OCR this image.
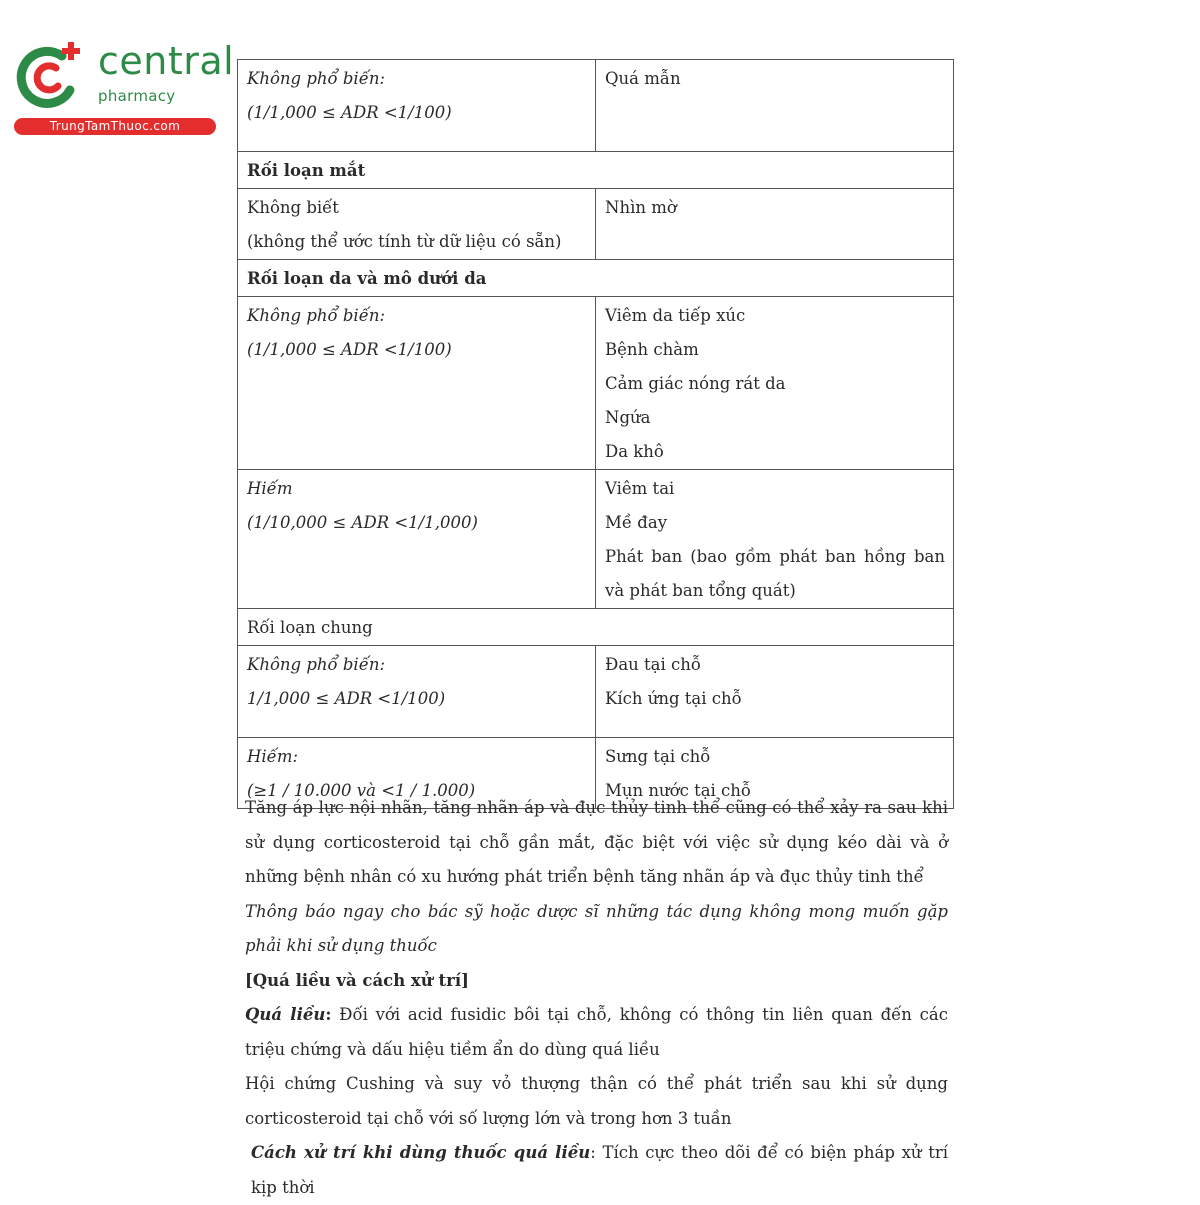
central
pharmacy
TrungTamThuoc.com
Không phổ biến:
(1/1,000 ≤ ADR <1/100)	Quá mẫn

Rối loạn mắt	

Không biết
(không thể ước tính từ dữ liệu có sẵn)	Nhìn mờ

Rối loạn da và mô dưới da	

Không phổ biến:
(1/1,000 ≤ ADR <1/100)	Viêm da tiếp xúc
Bệnh chàm
Cảm giác nóng rát da
Ngứa
Da khô

Hiếm
(1/10,000 ≤ ADR <1/1,000)	Viêm tai
Mề đay
Phát ban (bao gồm phát ban hồng ban và phát ban tổng quát)

Rối loạn chung	

Không phổ biến:
1/1,000 ≤ ADR <1/100)	Đau tại chỗ
Kích ứng tại chỗ

Hiếm:
(≥1 / 10.000 và <1 / 1.000)	Sưng tại chỗ
Mụn nước tại chỗ

Tăng áp lực nội nhãn, tăng nhãn áp và đục thủy tinh thể cũng có thể xảy ra sau khi sử dụng corticosteroid tại chỗ gần mắt, đặc biệt với việc sử dụng kéo dài và ở những bệnh nhân có xu hướng phát triển bệnh tăng nhãn áp và đục thủy tinh thể

Thông báo ngay cho bác sỹ hoặc dược sĩ những tác dụng không mong muốn gặp phải khi sử dụng thuốc

[Quá liều và cách xử trí]

Quá liều: Đối với acid fusidic bôi tại chỗ, không có thông tin liên quan đến các triệu chứng và dấu hiệu tiềm ẩn do dùng quá liều

Hội chứng Cushing và suy vỏ thượng thận có thể phát triển sau khi sử dụng corticosteroid tại chỗ với số lượng lớn và trong hơn 3 tuần

Cách xử trí khi dùng thuốc quá liều: Tích cực theo dõi để có biện pháp xử trí kịp thời
